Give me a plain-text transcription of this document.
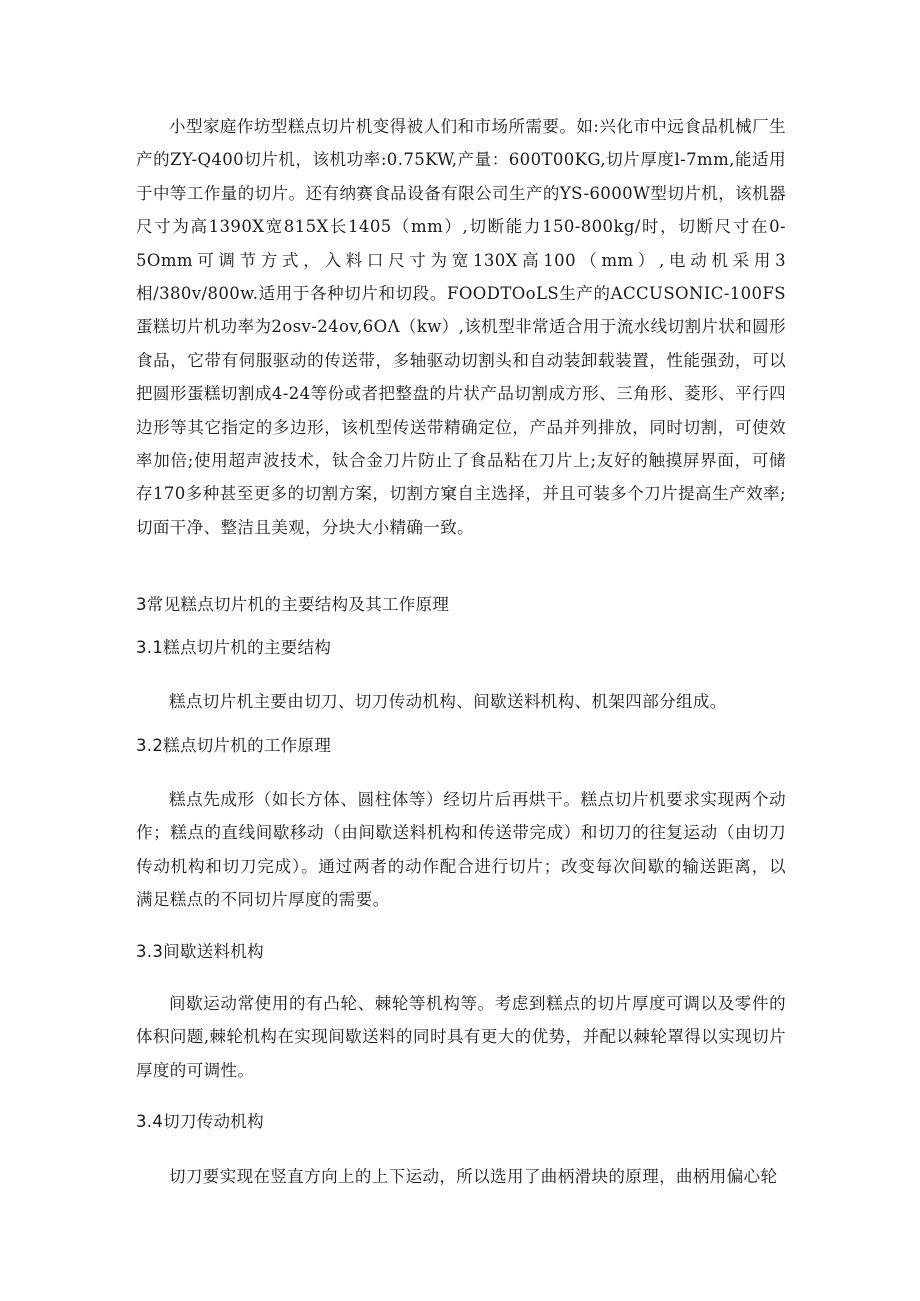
小型家庭作坊型糕点切片机变得被人们和市场所需要。如:兴化市中远食品机械厂生产的ZY-Q400切片机，该机功率:0.75KW,产量：600T00KG,切片厚度l-7mm,能适用于中等工作量的切片。还有纳赛食品设备有限公司生产的YS-6000W型切片机，该机器尺寸为高1390X宽815X长1405（mm）,切断能力150-800kg/时，切断尺寸在0-5Omm可调节方式，入料口尺寸为宽130X高100（mm）,电动机采用3相/380v/800w.适用于各种切片和切段。FOODTOoLS生产的ACCUSONIC-100FS蛋糕切片机功率为2osv-24ov,6OΛ（kw）,该机型非常适合用于流水线切割片状和圆形食品，它带有伺服驱动的传送带，多轴驱动切割头和自动装卸载装置，性能强劲，可以把圆形蛋糕切割成4-24等份或者把整盘的片状产品切割成方形、三角形、菱形、平行四边形等其它指定的多边形，该机型传送带精确定位，产品并列排放，同时切割，可使效率加倍;使用超声波技术，钛合金刀片防止了食品粘在刀片上;友好的触摸屏界面，可储存170多种甚至更多的切割方案，切割方窠自主选择，并且可装多个刀片提高生产效率;切面干净、整洁且美观，分块大小精确一致。

3常见糕点切片机的主要结构及其工作原理
3.1糕点切片机的主要结构

糕点切片机主要由切刀、切刀传动机构、间歇送料机构、机架四部分组成。

3.2糕点切片机的工作原理

糕点先成形（如长方体、圆柱体等）经切片后再烘干。糕点切片机要求实现两个动作；糕点的直线间歇移动（由间歇送料机构和传送带完成）和切刀的往复运动（由切刀传动机构和切刀完成）。通过两者的动作配合进行切片；改变每次间歇的输送距离，以满足糕点的不同切片厚度的需要。

3.3间歇送料机构

间歇运动常使用的有凸轮、棘轮等机构等。考虑到糕点的切片厚度可调以及零件的体积问题,棘轮机构在实现间歇送料的同时具有更大的优势，并配以棘轮罩得以实现切片厚度的可调性。

3.4切刀传动机构

切刀要实现在竖直方向上的上下运动，所以选用了曲柄滑块的原理，曲柄用偏心轮
